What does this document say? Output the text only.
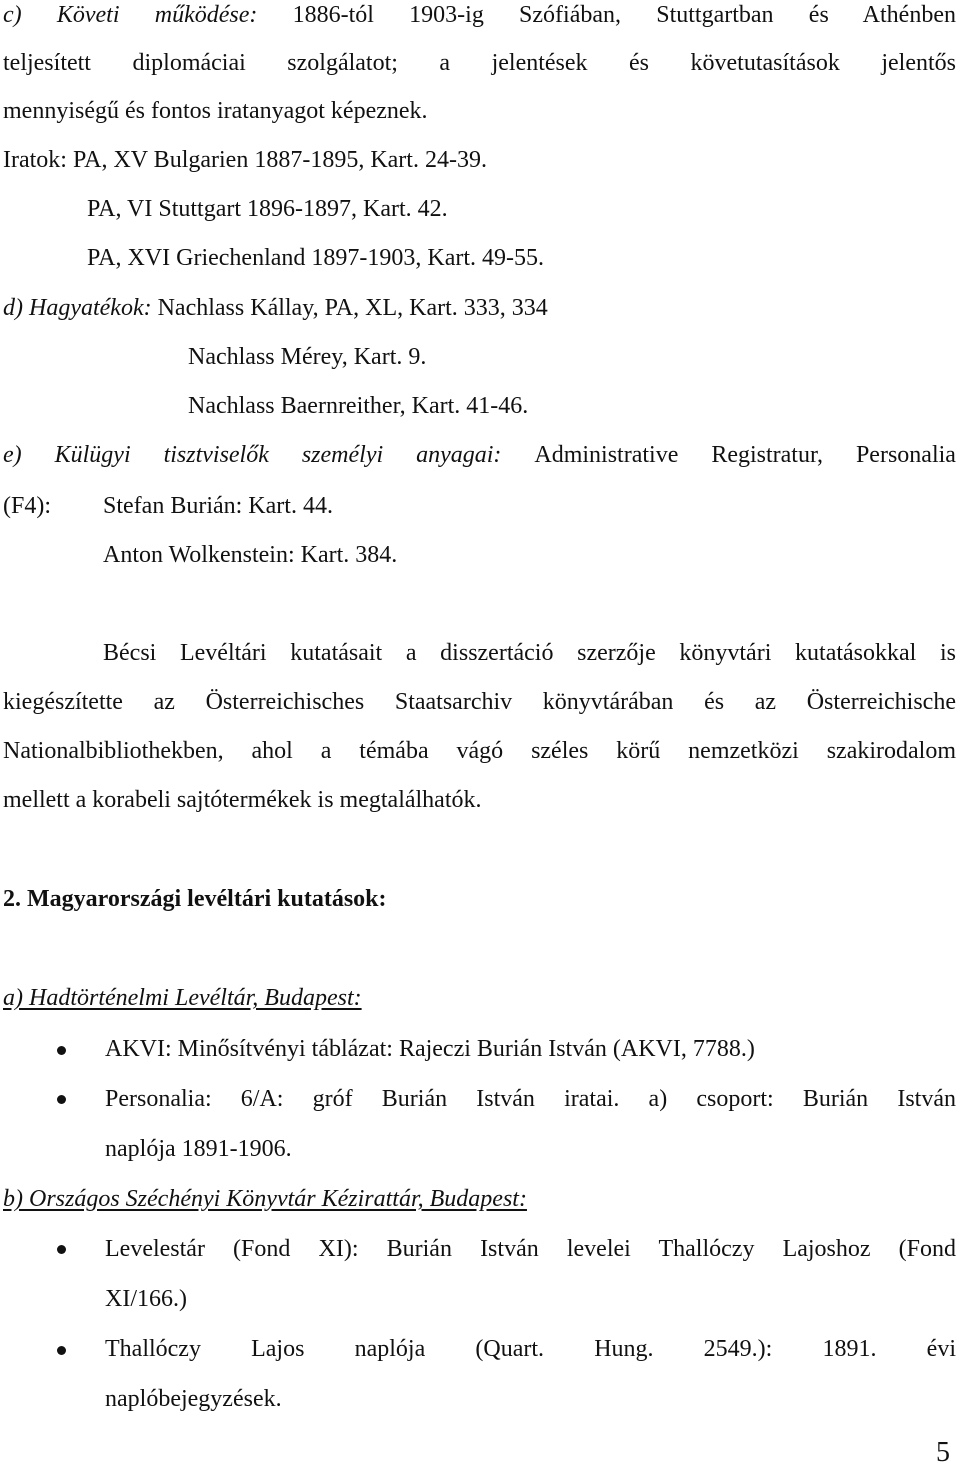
c) Követi működése: 1886-tól 1903-ig Szófiában, Stuttgartban és Athénben
teljesített diplomáciai szolgálatot; a jelentések és követutasítások jelentős
mennyiségű és fontos iratanyagot képeznek.
Iratok: PA, XV Bulgarien 1887-1895, Kart. 24-39.
PA, VI Stuttgart 1896-1897, Kart. 42.
PA, XVI Griechenland 1897-1903, Kart. 49-55.
d) Hagyatékok: Nachlass Kállay, PA, XL, Kart. 333, 334
Nachlass Mérey, Kart. 9.
Nachlass Baernreither, Kart. 41-46.
e) Külügyi tisztviselők személyi anyagai: Administrative Registratur, Personalia
(F4): Stefan Burián: Kart. 44.
Anton Wolkenstein: Kart. 384.
Bécsi Levéltári kutatásait a disszertáció szerzője könyvtári kutatásokkal is
kiegészítette az Österreichisches Staatsarchiv könyvtárában és az Österreichische
Nationalbibliothekben, ahol a témába vágó széles körű nemzetközi szakirodalom
mellett a korabeli sajtótermékek is megtalálhatók.
2. Magyarországi levéltári kutatások:
a) Hadtörténelmi Levéltár, Budapest:
AKVI: Minősítvényi táblázat: Rajeczi Burián István (AKVI, 7788.)
Personalia: 6/A: gróf Burián István iratai. a) csoport: Burián István
naplója 1891-1906.
b) Országos Széchényi Könyvtár Kézirattár, Budapest:
Levelestár (Fond XI): Burián István levelei Thallóczy Lajoshoz (Fond
XI/166.)
Thallóczy Lajos naplója (Quart. Hung. 2549.): 1891. évi
naplóbejegyzések.
5
